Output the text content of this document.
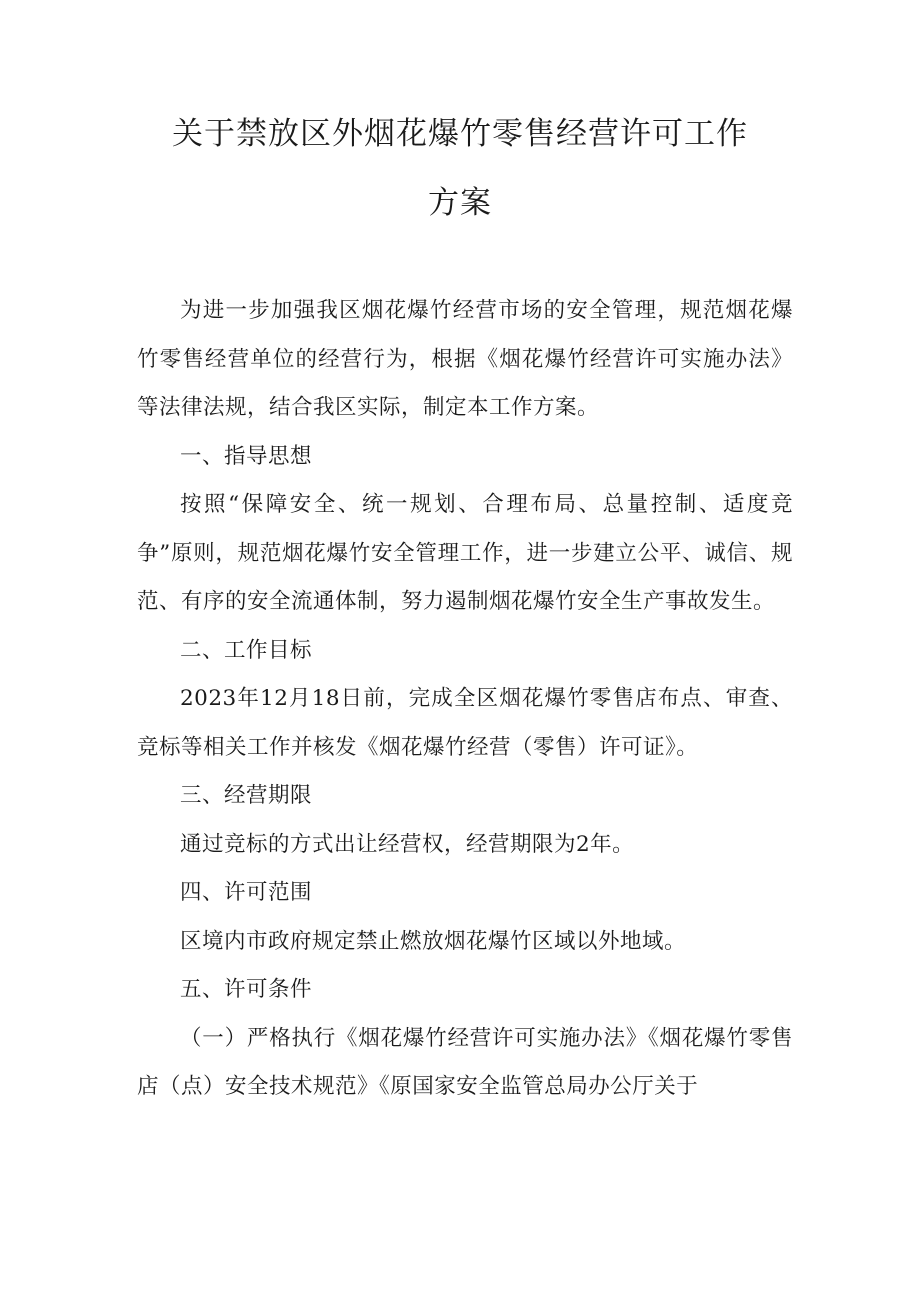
关于禁放区外烟花爆竹零售经营许可工作
方案

为进一步加强我区烟花爆竹经营市场的安全管理，规范烟花爆竹零售经营单位的经营行为，根据《烟花爆竹经营许可实施办法》等法律法规，结合我区实际，制定本工作方案。

一、指导思想

按照“保障安全、统一规划、合理布局、总量控制、适度竞争”原则，规范烟花爆竹安全管理工作，进一步建立公平、诚信、规范、有序的安全流通体制，努力遏制烟花爆竹安全生产事故发生。

二、工作目标

2023年12月18日前，完成全区烟花爆竹零售店布点、审查、竞标等相关工作并核发《烟花爆竹经营（零售）许可证》。

三、经营期限

通过竞标的方式出让经营权，经营期限为2年。

四、许可范围

区境内市政府规定禁止燃放烟花爆竹区域以外地域。

五、许可条件

（一）严格执行《烟花爆竹经营许可实施办法》《烟花爆竹零售店（点）安全技术规范》《原国家安全监管总局办公厅关于
